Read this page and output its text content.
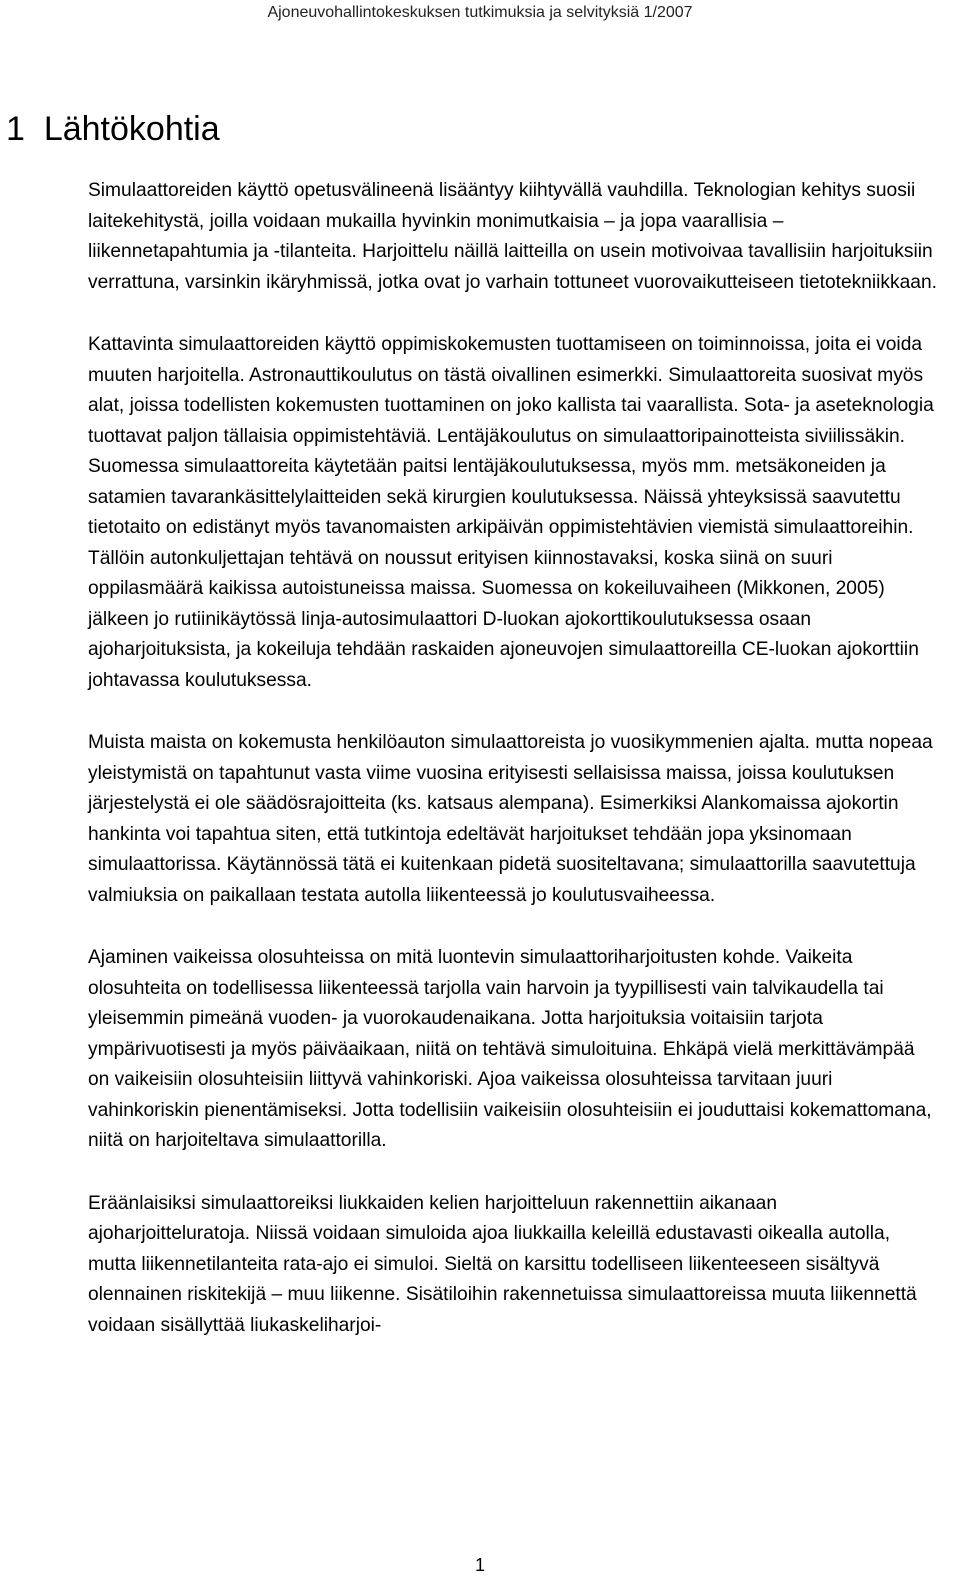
Ajoneuvohallintokeskuksen tutkimuksia ja selvityksiä 1/2007
1 Lähtökohtia

Simulaattoreiden käyttö opetusvälineenä lisääntyy kiihtyvällä vauhdilla. Teknologian kehitys suosii laitekehitystä, joilla voidaan mukailla hyvinkin monimutkaisia – ja jopa vaarallisia – liikennetapahtumia ja -tilanteita. Harjoittelu näillä laitteilla on usein motivoivaa tavallisiin harjoituksiin verrattuna, varsinkin ikäryhmissä, jotka ovat jo varhain tottuneet vuorovaikutteiseen tietotekniikkaan.

Kattavinta simulaattoreiden käyttö oppimiskokemusten tuottamiseen on toiminnoissa, joita ei voida muuten harjoitella. Astronauttikoulutus on tästä oivallinen esimerkki. Simulaattoreita suosivat myös alat, joissa todellisten kokemusten tuottaminen on joko kallista tai vaarallista. Sota- ja aseteknologia tuottavat paljon tällaisia oppimistehtäviä. Lentäjäkoulutus on simulaattoripainotteista siviilissäkin. Suomessa simulaattoreita käytetään paitsi lentäjäkoulutuksessa, myös mm. metsäkoneiden ja satamien tavarankäsittelylaitteiden sekä kirurgien koulutuksessa. Näissä yhteyksissä saavutettu tietotaito on edistänyt myös tavanomaisten arkipäivän oppimistehtävien viemistä simulaattoreihin. Tällöin autonkuljettajan tehtävä on noussut erityisen kiinnostavaksi, koska siinä on suuri oppilasmäärä kaikissa autoistuneissa maissa. Suomessa on kokeiluvaiheen (Mikkonen, 2005) jälkeen jo rutiinikäytössä linja-autosimulaattori D-luokan ajokorttikoulutuksessa osaan ajoharjoituksista, ja kokeiluja tehdään raskaiden ajoneuvojen simulaattoreilla CE-luokan ajokorttiin johtavassa koulutuksessa.

Muista maista on kokemusta henkilöauton simulaattoreista jo vuosikymmenien ajalta. mutta nopeaa yleistymistä on tapahtunut vasta viime vuosina erityisesti sellaisissa maissa, joissa koulutuksen järjestelystä ei ole säädösrajoitteita (ks. katsaus alempana). Esimerkiksi Alankomaissa ajokortin hankinta voi tapahtua siten, että tutkintoja edeltävät harjoitukset tehdään jopa yksinomaan simulaattorissa. Käytännössä tätä ei kuitenkaan pidetä suositeltavana; simulaattorilla saavutettuja valmiuksia on paikallaan testata autolla liikenteessä jo koulutusvaiheessa.

Ajaminen vaikeissa olosuhteissa on mitä luontevin simulaattoriharjoitusten kohde. Vaikeita olosuhteita on todellisessa liikenteessä tarjolla vain harvoin ja tyypillisesti vain talvikaudella tai yleisemmin pimeänä vuoden- ja vuorokaudenaikana. Jotta harjoituksia voitaisiin tarjota ympärivuotisesti ja myös päiväaikaan, niitä on tehtävä simuloituina. Ehkäpä vielä merkittävämpää on vaikeisiin olosuhteisiin liittyvä vahinkoriski. Ajoa vaikeissa olosuhteissa tarvitaan juuri vahinkoriskin pienentämiseksi. Jotta todellisiin vaikeisiin olosuhteisiin ei jouduttaisi kokemattomana, niitä on harjoiteltava simulaattorilla.

Eräänlaisiksi simulaattoreiksi liukkaiden kelien harjoitteluun rakennettiin aikanaan ajoharjoitteluratoja. Niissä voidaan simuloida ajoa liukkailla keleillä edustavasti oikealla autolla, mutta liikennetilanteita rata-ajo ei simuloi. Sieltä on karsittu todelliseen liikenteeseen sisältyvä olennainen riskitekijä – muu liikenne. Sisätiloihin rakennetuissa simulaattoreissa muuta liikennettä voidaan sisällyttää liukaskeliharjoi-

1
